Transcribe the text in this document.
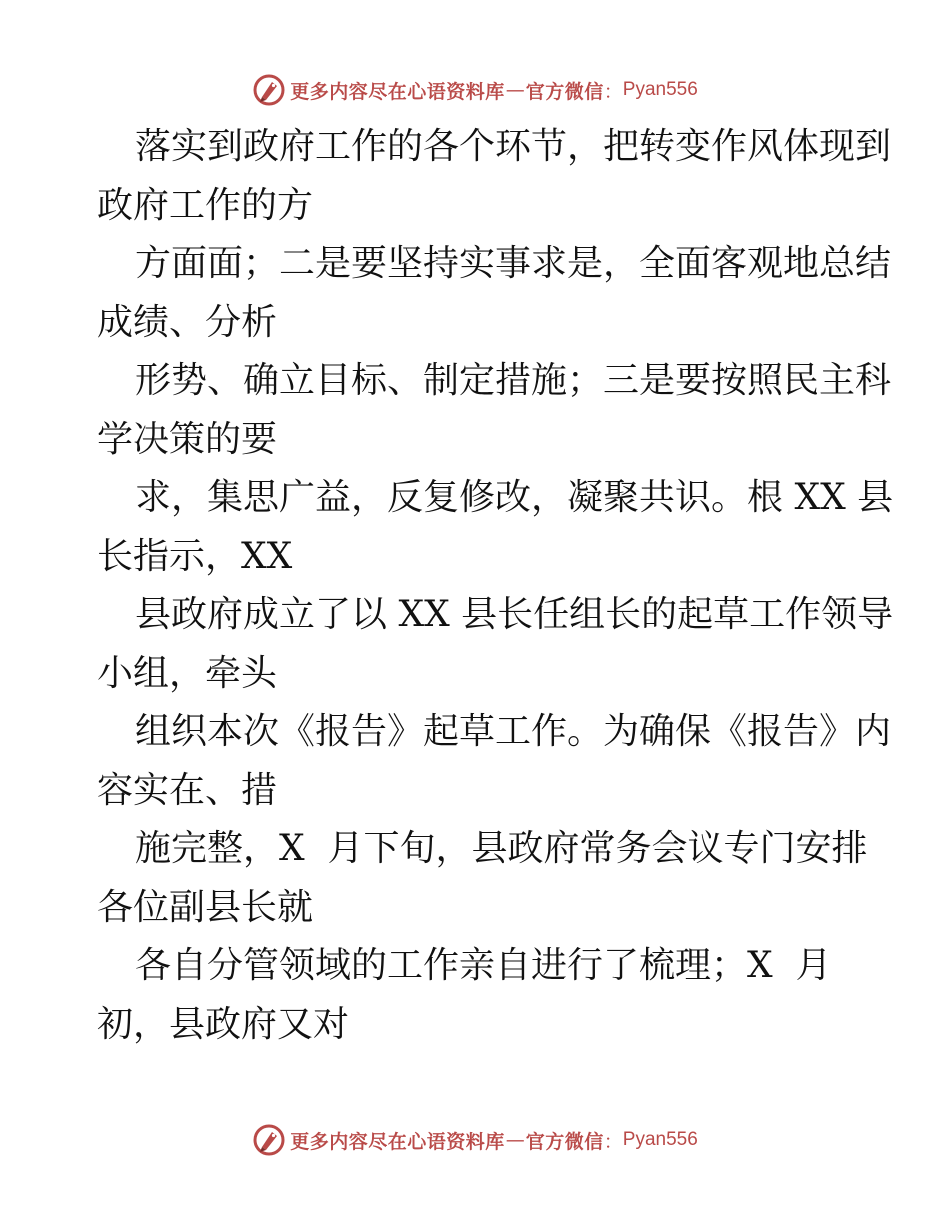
更多内容尽在心语资料库 — 官方微信 ： Pyan556
落实到政府工作的各个环节，把转变作风体现到
政府工作的方
方面面；二是要坚持实事求是，全面客观地总结
成绩、分析
形势、确立目标、制定措施；三是要按照民主科
学决策的要
求，集思广益，反复修改，凝聚共识。根 XX 县
长指示，XX
县政府成立了以 XX 县长任组长的起草工作领导
小组，牵头
组织本次《报告》起草工作。为确保《报告》内
容实在、措
施完整，X  月下旬，县政府常务会议专门安排
各位副县长就
各自分管领域的工作亲自进行了梳理；X  月
初，县政府又对
更多内容尽在心语资料库 — 官方微信 ： Pyan556
